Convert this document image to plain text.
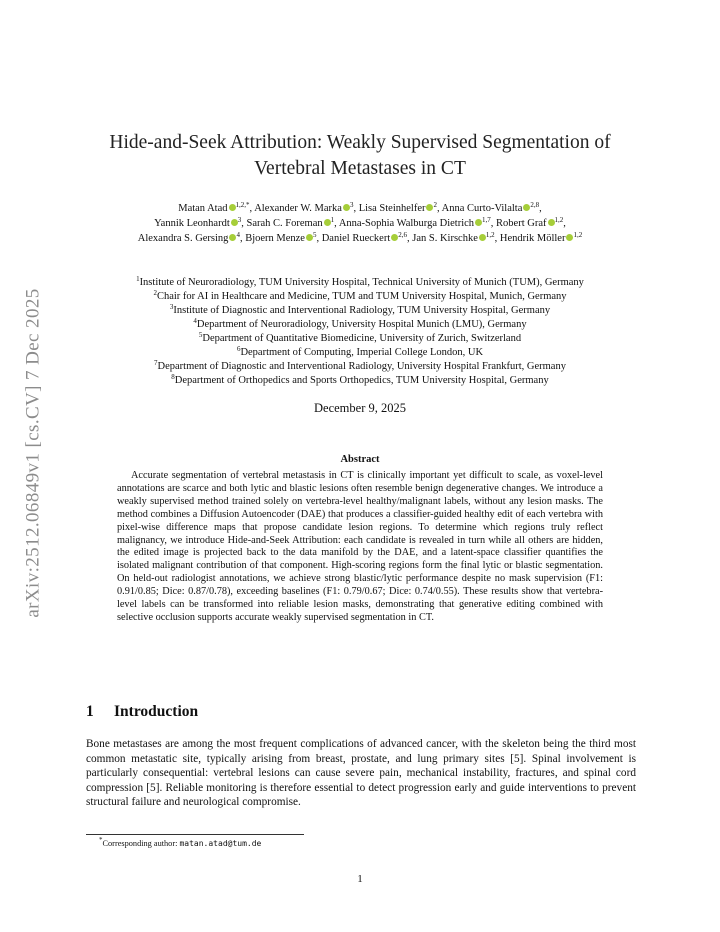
arXiv:2512.06849v1 [cs.CV] 7 Dec 2025
Hide-and-Seek Attribution: Weakly Supervised Segmentation of
Vertebral Metastases in CT
Matan Atad $^{1,2,*}$, Alexander W. Marka $^3$, Lisa Steinhelfer $^2$, Anna Curto-Vilalta $^{2,8}$,
Yannik Leonhardt $^3$, Sarah C. Foreman $^1$, Anna-Sophia Walburga Dietrich $^{1,7}$, Robert Graf $^{1,2}$,
Alexandra S. Gersing $^4$, Bjoern Menze $^5$, Daniel Rueckert $^{2,6}$, Jan S. Kirschke $^{1,2}$, Hendrik Möller $^{1,2}$
$^1$Institute of Neuroradiology, TUM University Hospital, Technical University of Munich (TUM), Germany
$^2$Chair for AI in Healthcare and Medicine, TUM and TUM University Hospital, Munich, Germany
$^3$Institute of Diagnostic and Interventional Radiology, TUM University Hospital, Germany
$^4$Department of Neuroradiology, University Hospital Munich (LMU), Germany
$^5$Department of Quantitative Biomedicine, University of Zurich, Switzerland
$^6$Department of Computing, Imperial College London, UK
$^7$Department of Diagnostic and Interventional Radiology, University Hospital Frankfurt, Germany
$^8$Department of Orthopedics and Sports Orthopedics, TUM University Hospital, Germany
December 9, 2025
Abstract

Accurate segmentation of vertebral metastasis in CT is clinically important yet difficult to scale, as voxel-level annotations are scarce and both lytic and blastic lesions often resemble benign degenerative changes. We introduce a weakly supervised method trained solely on vertebra-level healthy/malignant labels, without any lesion masks. The method combines a Diffusion Autoencoder (DAE) that produces a classifier-guided healthy edit of each vertebra with pixel-wise difference maps that propose candidate lesion regions. To determine which regions truly reflect malignancy, we introduce Hide-and-Seek Attribution: each candidate is revealed in turn while all others are hidden, the edited image is projected back to the data manifold by the DAE, and a latent-space classifier quantifies the isolated malignant contribution of that component. High-scoring regions form the final lytic or blastic segmentation. On held-out radiologist annotations, we achieve strong blastic/lytic performance despite no mask supervision (F1: 0.91/0.85; Dice: 0.87/0.78), exceeding baselines (F1: 0.79/0.67; Dice: 0.74/0.55). These results show that vertebra-level labels can be transformed into reliable lesion masks, demonstrating that generative editing combined with selective occlusion supports accurate weakly supervised segmentation in CT.

1 Introduction

Bone metastases are among the most frequent complications of advanced cancer, with the skeleton being the third most common metastatic site, typically arising from breast, prostate, and lung primary sites [5]. Spinal involvement is particularly consequential: vertebral lesions can cause severe pain, mechanical instability, fractures, and spinal cord compression [5]. Reliable monitoring is therefore essential to detect progression early and guide interventions to prevent structural failure and neurological compromise.

*Corresponding author: matan.atad@tum.de
1
